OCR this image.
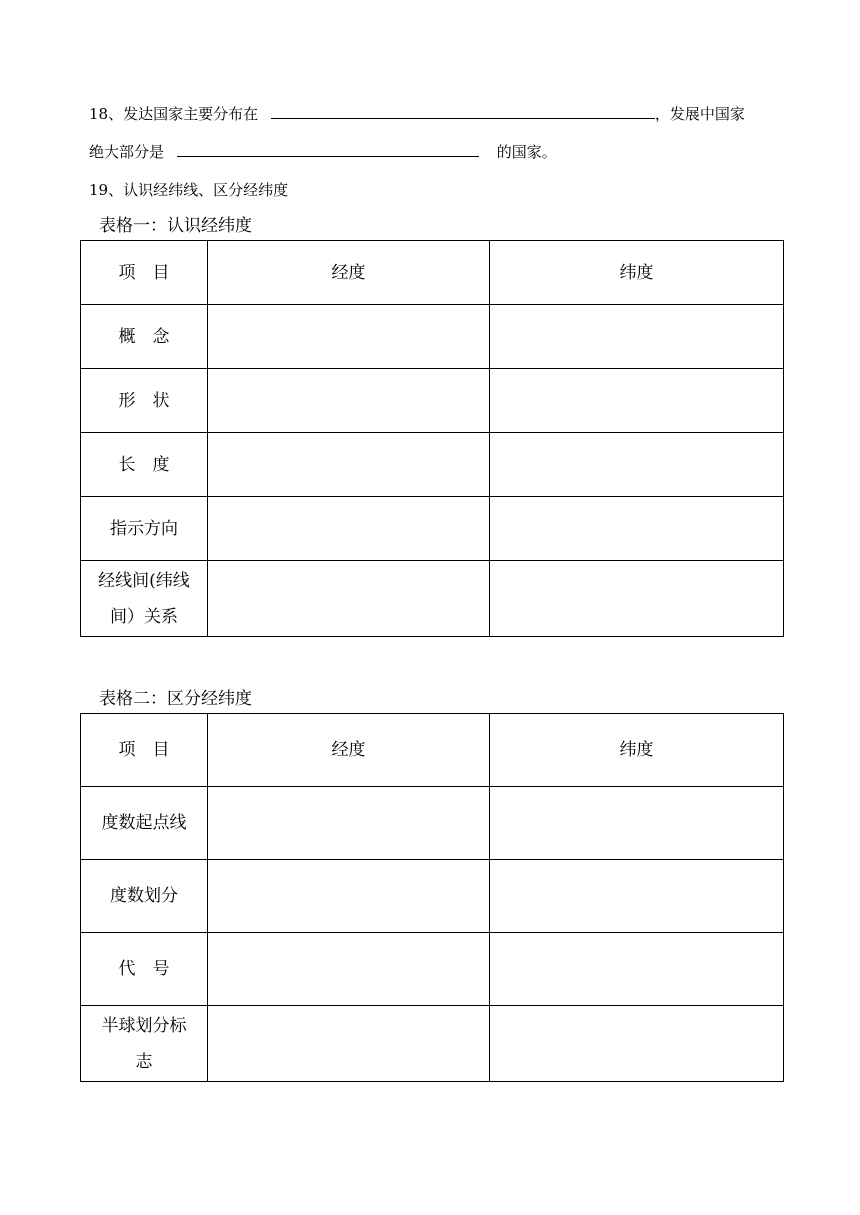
18、发达国家主要分布在	，发展中国家
绝大部分是	的国家。
19、认识经纬线、区分经纬度
表格一：认识经纬度
项　目	经度	纬度
概　念		
形　状		
长　度		
指示方向		

经线间(纬线间）关系		

表格二：区分经纬度
项　目	经度	纬度
度数起点线		
度数划分		
代　号		

半球划分标志		
